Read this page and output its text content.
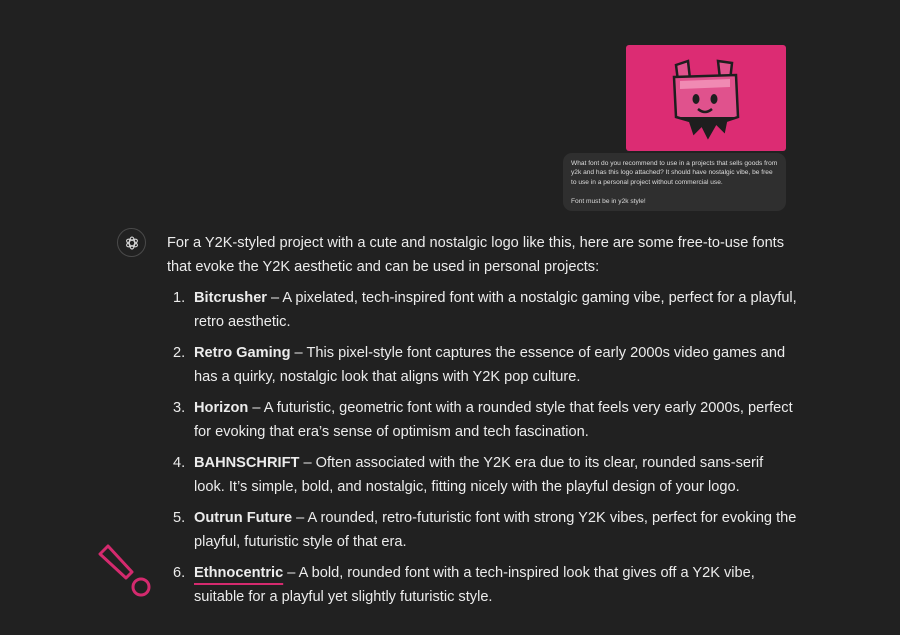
What font do you recommend to use in a projects that sells goods from y2k and has this logo attached? It should have nostalgic vibe, be free to use in a personal project without commercial use.

Font must be in y2k style!

For a Y2K-styled project with a cute and nostalgic logo like this, here are some free-to-use fonts that evoke the Y2K aesthetic and can be used in personal projects:

1. Bitcrusher – A pixelated, tech-inspired font with a nostalgic gaming vibe, perfect for a playful, retro aesthetic.
2. Retro Gaming – This pixel-style font captures the essence of early 2000s video games and has a quirky, nostalgic look that aligns with Y2K pop culture.
3. Horizon – A futuristic, geometric font with a rounded style that feels very early 2000s, perfect for evoking that era’s sense of optimism and tech fascination.
4. BAHNSCHRIFT – Often associated with the Y2K era due to its clear, rounded sans-serif look. It’s simple, bold, and nostalgic, fitting nicely with the playful design of your logo.
5. Outrun Future – A rounded, retro-futuristic font with strong Y2K vibes, perfect for evoking the playful, futuristic style of that era.
6. Ethnocentric – A bold, rounded font with a tech-inspired look that gives off a Y2K vibe, suitable for a playful yet slightly futuristic style.
